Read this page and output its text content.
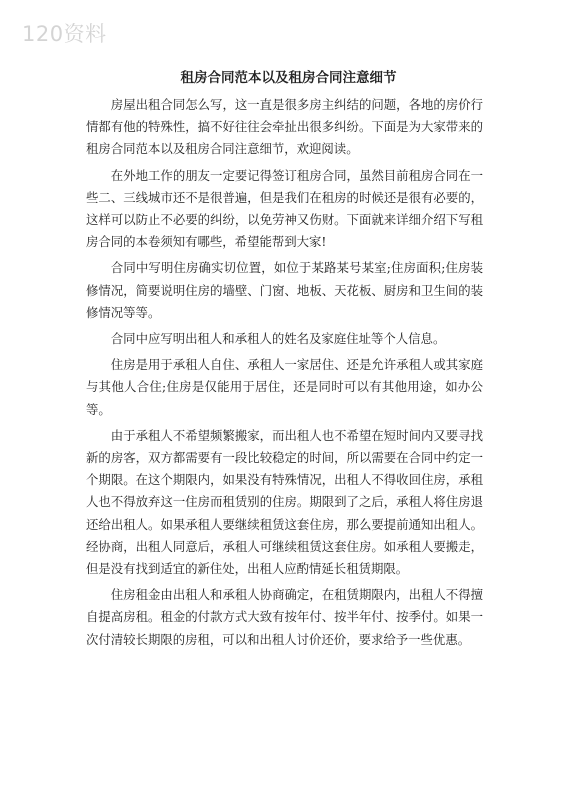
120资料
租房合同范本以及租房合同注意细节

房屋出租合同怎么写，这一直是很多房主纠结的问题，各地的房价行情都有他的特殊性，搞不好往往会牵扯出很多纠纷。下面是为大家带来的租房合同范本以及租房合同注意细节，欢迎阅读。

在外地工作的朋友一定要记得签订租房合同，虽然目前租房合同在一些二、三线城市还不是很普遍，但是我们在租房的时候还是很有必要的，这样可以防止不必要的纠纷，以免劳神又伤财。下面就来详细介绍下写租房合同的本卷须知有哪些，希望能帮到大家!

合同中写明住房确实切位置，如位于某路某号某室;住房面积;住房装修情况，简要说明住房的墙壁、门窗、地板、天花板、厨房和卫生间的装修情况等等。

合同中应写明出租人和承租人的姓名及家庭住址等个人信息。

住房是用于承租人自住、承租人一家居住、还是允许承租人或其家庭与其他人合住;住房是仅能用于居住，还是同时可以有其他用途，如办公等。

由于承租人不希望频繁搬家，而出租人也不希望在短时间内又要寻找新的房客，双方都需要有一段比较稳定的时间，所以需要在合同中约定一个期限。在这个期限内，如果没有特殊情况，出租人不得收回住房，承租人也不得放弃这一住房而租赁别的住房。期限到了之后，承租人将住房退还给出租人。如果承租人要继续租赁这套住房，那么要提前通知出租人。经协商，出租人同意后，承租人可继续租赁这套住房。如承租人要搬走，但是没有找到适宜的新住处，出租人应酌情延长租赁期限。

住房租金由出租人和承租人协商确定，在租赁期限内，出租人不得擅自提高房租。租金的付款方式大致有按年付、按半年付、按季付。如果一次付清较长期限的房租，可以和出租人讨价还价，要求给予一些优惠。
